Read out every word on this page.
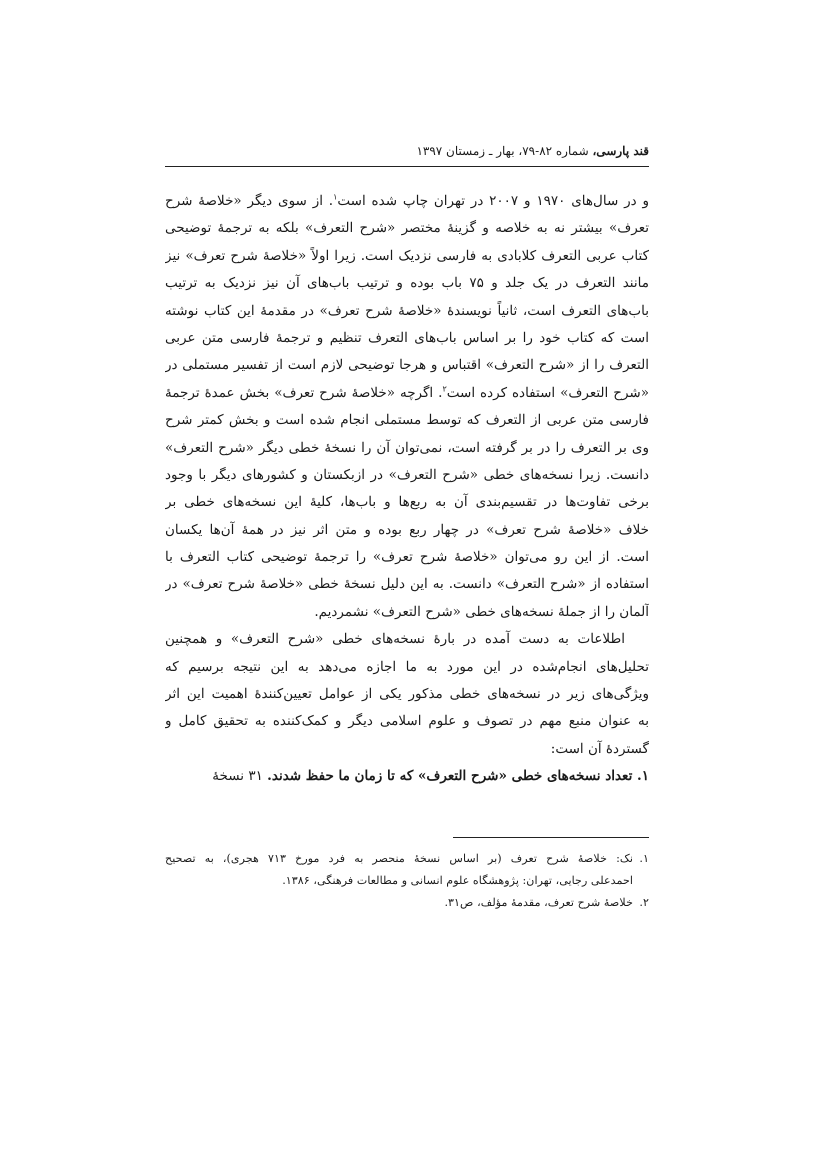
قند پارسی، شماره ۸۲-۷۹، بهار ـ زمستان ۱۳۹۷
و در سال‌های ۱۹۷۰ و ۲۰۰۷ در تهران چاپ شده است$^۱$. از سوی دیگر «خلاصهٔ شرح
تعرف» بیشتر نه به خلاصه و گزینهٔ مختصر «شرح التعرف» بلکه به ترجمهٔ توضیحی
کتاب عربی التعرف کلابادی به فارسی نزدیک است. زیرا اولاً «خلاصهٔ شرح تعرف» نیز
مانند التعرف در یک جلد و ۷۵ باب بوده و ترتیب باب‌های آن نیز نزدیک به ترتیب
باب‌های التعرف است، ثانیاً نویسندهٔ «خلاصهٔ شرح تعرف» در مقدمهٔ این کتاب نوشته
است که کتاب خود را بر اساس باب‌های التعرف تنظیم و ترجمهٔ فارسی متن عربی
التعرف را از «شرح التعرف» اقتباس و هرجا توضیحی لازم است از تفسیر مستملی در
«شرح التعرف» استفاده کرده است$^۲$. اگرچه «خلاصهٔ شرح تعرف» بخش عمدهٔ ترجمهٔ
فارسی متن عربی از التعرف که توسط مستملی انجام شده است و بخش کمتر شرح
وی بر التعرف را در بر گرفته است، نمی‌توان آن را نسخهٔ خطی دیگر «شرح التعرف»
دانست. زیرا نسخه‌های خطی «شرح التعرف» در ازبکستان و کشورهای دیگر با وجود
برخی تفاوت‌ها در تقسیم‌بندی آن به ربع‌ها و باب‌ها، کلیهٔ این نسخه‌های خطی بر
خلاف «خلاصهٔ شرح تعرف» در چهار ربع بوده و متن اثر نیز در همهٔ آن‌ها یکسان
است. از این رو می‌توان «خلاصهٔ شرح تعرف» را ترجمهٔ توضیحی کتاب التعرف با
استفاده از «شرح التعرف» دانست. به این دلیل نسخهٔ خطی «خلاصهٔ شرح تعرف» در
آلمان را از جملهٔ نسخه‌های خطی «شرح التعرف» نشمردیم.
اطلاعات به دست آمده در بارهٔ نسخه‌های خطی «شرح التعرف» و همچنین
تحلیل‌های انجام‌شده در این مورد به ما اجازه می‌دهد به این نتیجه برسیم که
ویژگی‌های زیر در نسخه‌های خطی مذکور یکی از عوامل تعیین‌کنندهٔ اهمیت این اثر
به عنوان منبع مهم در تصوف و علوم اسلامی دیگر و کمک‌کننده به تحقیق کامل و
گستردهٔ آن است:
۱. تعداد نسخه‌های خطی «شرح التعرف» که تا زمان ما حفظ شدند. ۳۱ نسخهٔ
۱.نک: خلاصهٔ شرح تعرف (بر اساس نسخهٔ منحصر به فرد مورخ ۷۱۳ هجری)، به تصحیح
احمدعلی رجایی، تهران: پژوهشگاه علوم انسانی و مطالعات فرهنگی، ۱۳۸۶.
۲.خلاصهٔ شرح تعرف، مقدمهٔ مؤلف، ص۳۱.
